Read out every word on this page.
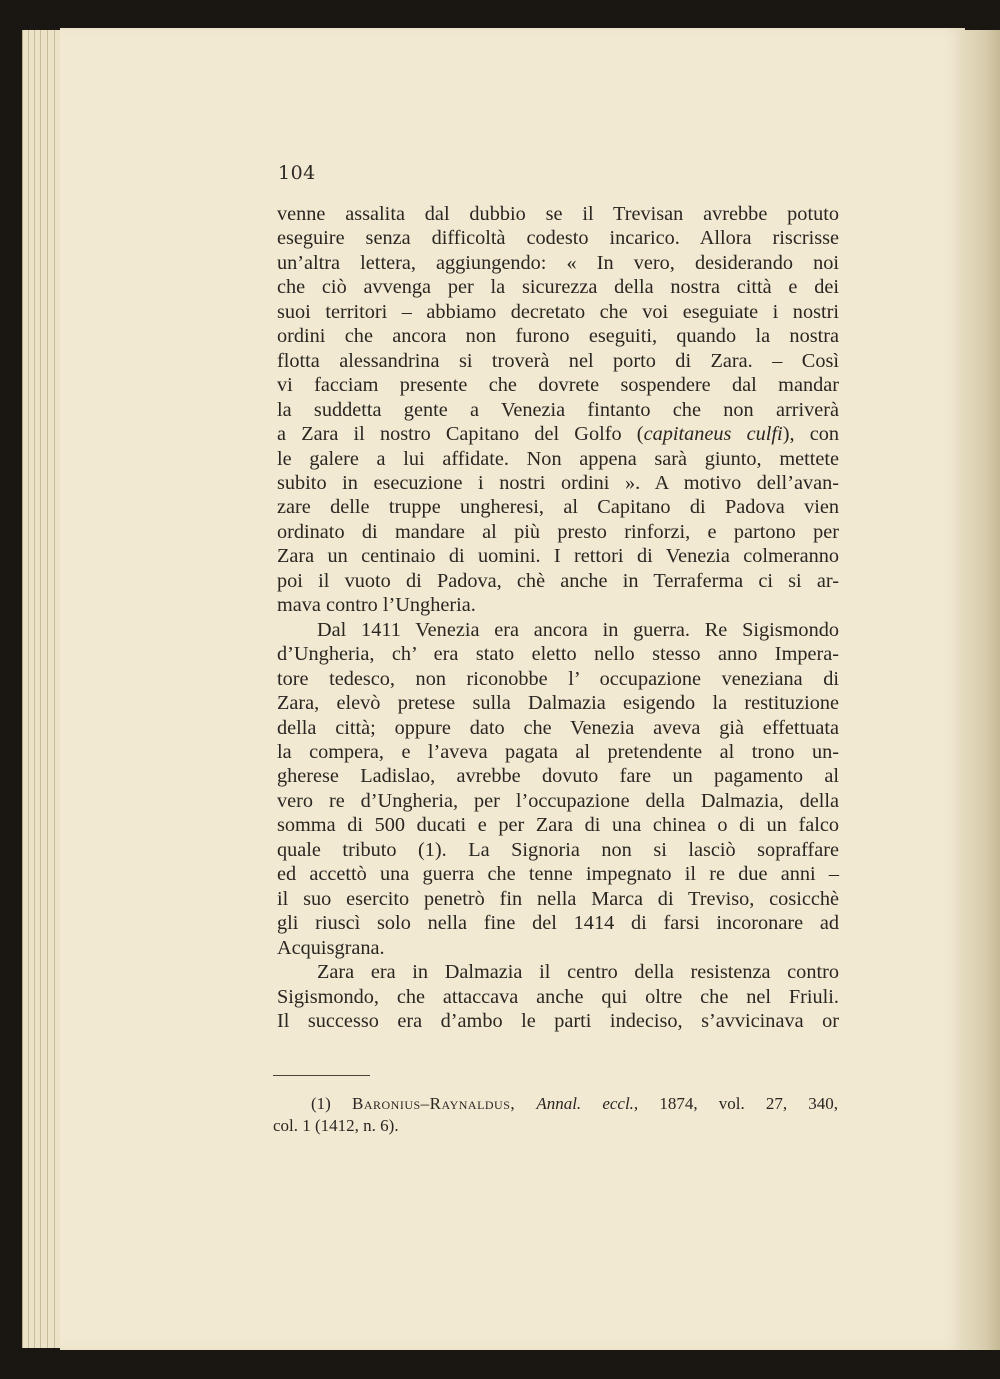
104
venne assalita dal dubbio se il Trevisan avrebbe potuto
eseguire senza difficoltà codesto incarico. Allora riscrisse
un’altra lettera, aggiungendo: « In vero, desiderando noi
che ciò avvenga per la sicurezza della nostra città e dei
suoi territori – abbiamo decretato che voi eseguiate i nostri
ordini che ancora non furono eseguiti, quando la nostra
flotta alessandrina si troverà nel porto di Zara. – Così
vi facciam presente che dovrete sospendere dal mandar
la suddetta gente a Venezia fintanto che non arriverà
a Zara il nostro Capitano del Golfo (capitaneus culfi), con
le galere a lui affidate. Non appena sarà giunto, mettete
subito in esecuzione i nostri ordini ». A motivo dell’avan-
zare delle truppe ungheresi, al Capitano di Padova vien
ordinato di mandare al più presto rinforzi, e partono per
Zara un centinaio di uomini. I rettori di Venezia colmeranno
poi il vuoto di Padova, chè anche in Terraferma ci si ar-
mava contro l’Ungheria.
Dal 1411 Venezia era ancora in guerra. Re Sigismondo
d’Ungheria, ch’ era stato eletto nello stesso anno Impera-
tore tedesco, non riconobbe l’ occupazione veneziana di
Zara, elevò pretese sulla Dalmazia esigendo la restituzione
della città; oppure dato che Venezia aveva già effettuata
la compera, e l’aveva pagata al pretendente al trono un-
gherese Ladislao, avrebbe dovuto fare un pagamento al
vero re d’Ungheria, per l’occupazione della Dalmazia, della
somma di 500 ducati e per Zara di una chinea o di un falco
quale tributo (1). La Signoria non si lasciò sopraffare
ed accettò una guerra che tenne impegnato il re due anni –
il suo esercito penetrò fin nella Marca di Treviso, cosicchè
gli riuscì solo nella fine del 1414 di farsi incoronare ad
Acquisgrana.
Zara era in Dalmazia il centro della resistenza contro
Sigismondo, che attaccava anche qui oltre che nel Friuli.
Il successo era d’ambo le parti indeciso, s’avvicinava or
(1) Baronius–Raynaldus, Annal. eccl., 1874, vol. 27, 340,
col. 1 (1412, n. 6).
